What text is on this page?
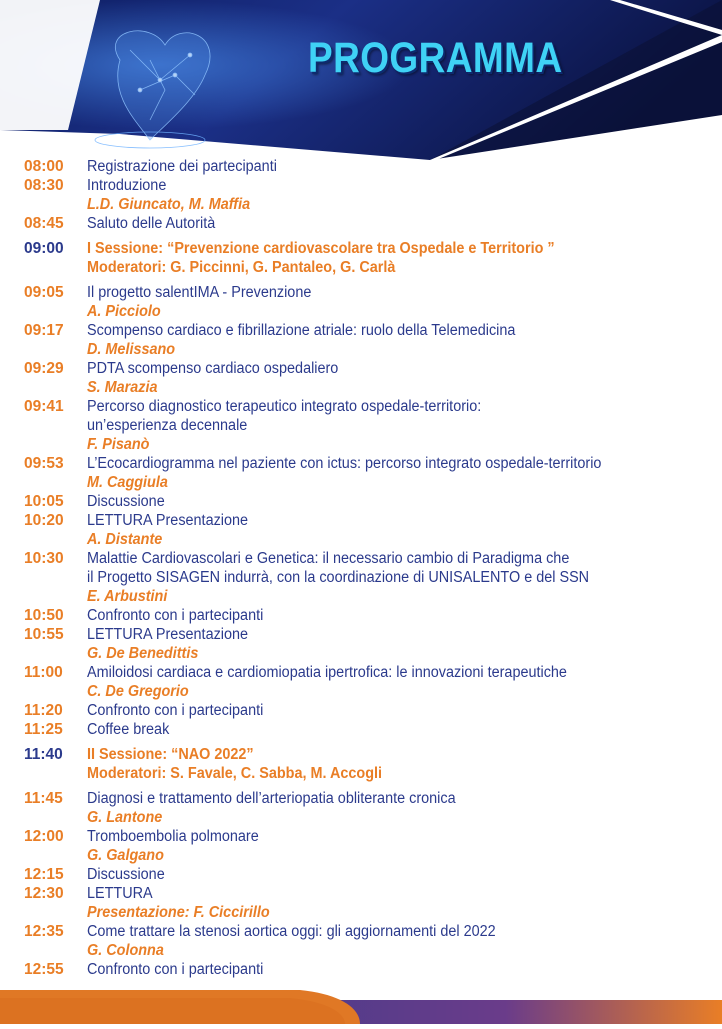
PROGRAMMA
08:00	Registrazione dei partecipanti
08:30	Introduzione
L.D. Giuncato, M. Maffia
08:45	Saluto delle Autorità
09:00	I Sessione: “Prevenzione cardiovascolare tra Ospedale e Territorio ”
Moderatori: G. Piccinni, G. Pantaleo, G. Carlà
09:05	Il progetto salentIMA - Prevenzione
A. Picciolo
09:17	Scompenso cardiaco e fibrillazione atriale: ruolo della Telemedicina
D. Melissano
09:29	PDTA scompenso cardiaco ospedaliero
S. Marazia
09:41	Percorso diagnostico terapeutico integrato ospedale-territorio:
un’esperienza decennale
F. Pisanò
09:53	L’Ecocardiogramma nel paziente con ictus: percorso integrato ospedale-territorio
M. Caggiula
10:05	Discussione
10:20	LETTURA Presentazione
A. Distante
10:30	Malattie Cardiovascolari e Genetica: il necessario cambio di Paradigma che
il Progetto SISAGEN indurrà, con la coordinazione di UNISALENTO e del SSN
E. Arbustini
10:50	Confronto con i partecipanti
10:55	LETTURA Presentazione
G. De Benedittis
11:00	Amiloidosi cardiaca e cardiomiopatia ipertrofica: le innovazioni terapeutiche
C. De Gregorio
11:20	Confronto con i partecipanti
11:25	Coffee break
11:40	II Sessione: “NAO 2022”
Moderatori: S. Favale, C. Sabba, M. Accogli
11:45	Diagnosi e trattamento dell’arteriopatia obliterante cronica
G. Lantone
12:00	Tromboembolia polmonare
G. Galgano
12:15	Discussione
12:30	LETTURA
Presentazione: F. Ciccirillo
12:35	Come trattare la stenosi aortica oggi: gli aggiornamenti del 2022
G. Colonna
12:55	Confronto con i partecipanti
